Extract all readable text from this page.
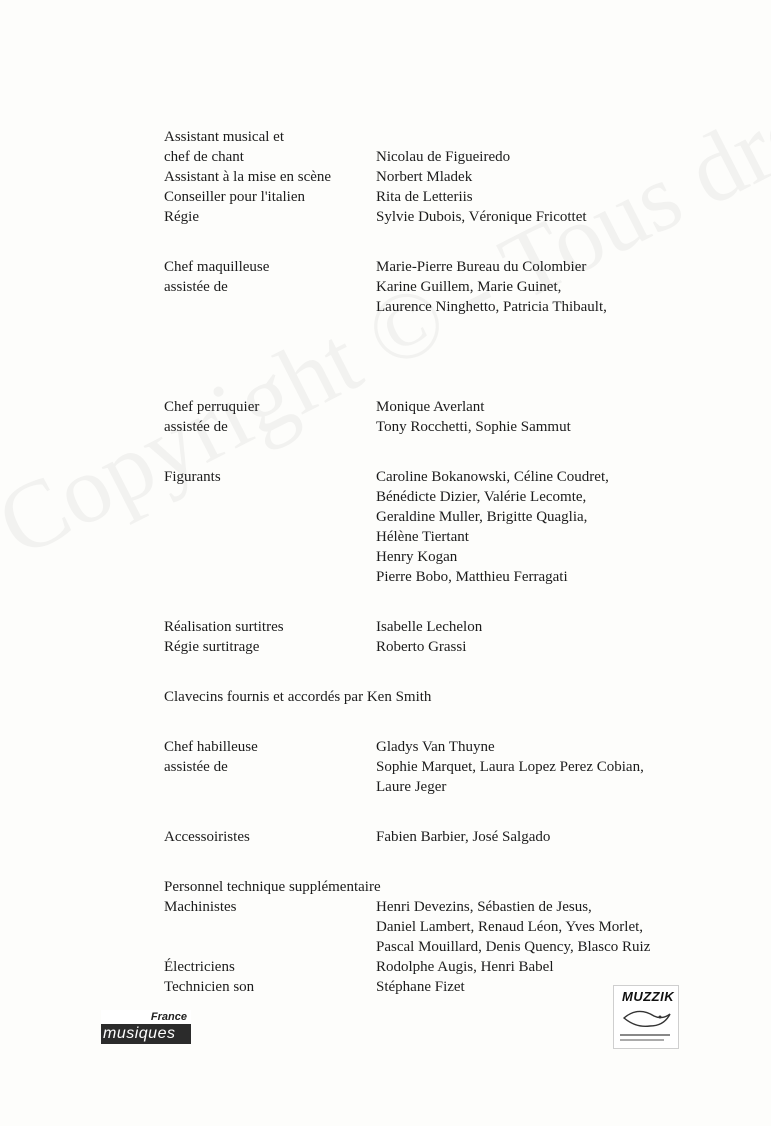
Assistant musical et
chef de chant	Nicolau de Figueiredo
Assistant à la mise en scène	Norbert Mladek
Conseiller pour l'italien	Rita de Letteriis
Régie	Sylvie Dubois, Véronique Fricottet
Chef maquilleuse	Marie-Pierre Bureau du Colombier
assistée de	Karine Guillem, Marie Guinet,
Laurence Ninghetto, Patricia Thibault,
Chef perruquier	Monique Averlant
assistée de	Tony Rocchetti, Sophie Sammut
Figurants	Caroline Bokanowski, Céline Coudret,
Bénédicte Dizier, Valérie Lecomte,
Geraldine Muller, Brigitte Quaglia,
Hélène Tiertant
Henry Kogan
Pierre Bobo, Matthieu Ferragati
Réalisation surtitres	Isabelle Lechelon
Régie surtitrage	Roberto Grassi
Clavecins fournis et accordés par Ken Smith
Chef habilleuse	Gladys Van Thuyne
assistée de	Sophie Marquet, Laura Lopez Perez Cobian,
Laure Jeger
Accessoiristes	Fabien Barbier, José Salgado
Personnel technique supplémentaire
Machinistes	Henri Devezins, Sébastien de Jesus,
Daniel Lambert, Renaud Léon, Yves Morlet,
Pascal Mouillard, Denis Quency, Blasco Ruiz
Électriciens	Rodolphe Augis, Henri Babel
Technicien son	Stéphane Fizet
France
musiques
MUZZIK
